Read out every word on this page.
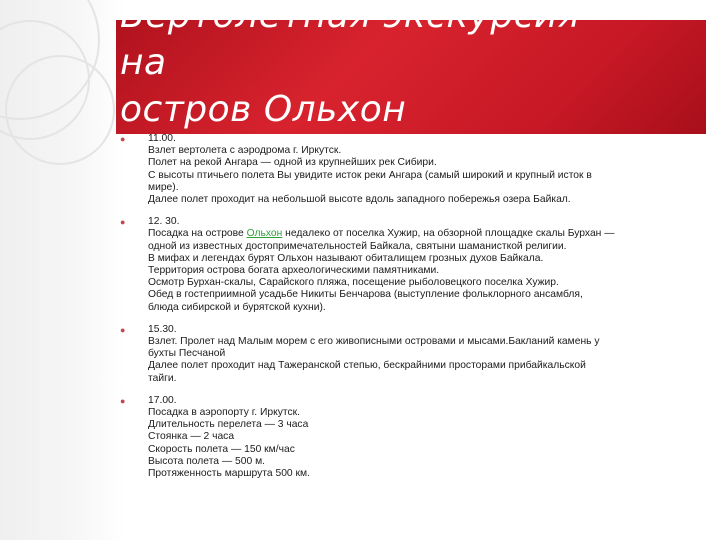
Вертолетная экскурсия
на
остров Ольхон
● 11.00.
Взлет вертолета с аэродрома г. Иркутск.
Полет на рекой Ангара — одной из крупнейших рек Сибири.
С высоты птичьего полета Вы увидите исток реки Ангара (самый широкий и крупный исток в
мире).
Далее полет проходит на небольшой высоте вдоль западного побережья озера Байкал.
● 12. 30.
Посадка на острове Ольхон недалеко от поселка Хужир, на обзорной площадке скалы Бурхан —
одной из известных достопримечательностей Байкала, святыни шаманисткой религии.
В мифах и легендах бурят Ольхон называют обиталищем грозных духов Байкала.
Территория острова богата археологическими памятниками.
Осмотр Бурхан-скалы, Сарайского пляжа, посещение рыболовецкого поселка Хужир.
Обед в гостеприимной усадьбе Никиты Бенчарова (выступление фольклорного ансамбля,
блюда сибирской и бурятской кухни).
● 15.30.
Взлет. Пролет над Малым морем с его живописными островами и мысами.Бакланий камень у
бухты Песчаной
Далее полет проходит над Тажеранской степью, бескрайними просторами прибайкальской
тайги.
● 17.00.
Посадка в аэропорту г. Иркутск.
Длительность перелета — 3 часа
Стоянка — 2 часа
Скорость полета — 150 км/час
Высота полета — 500 м.
Протяженность маршрута 500 км.
